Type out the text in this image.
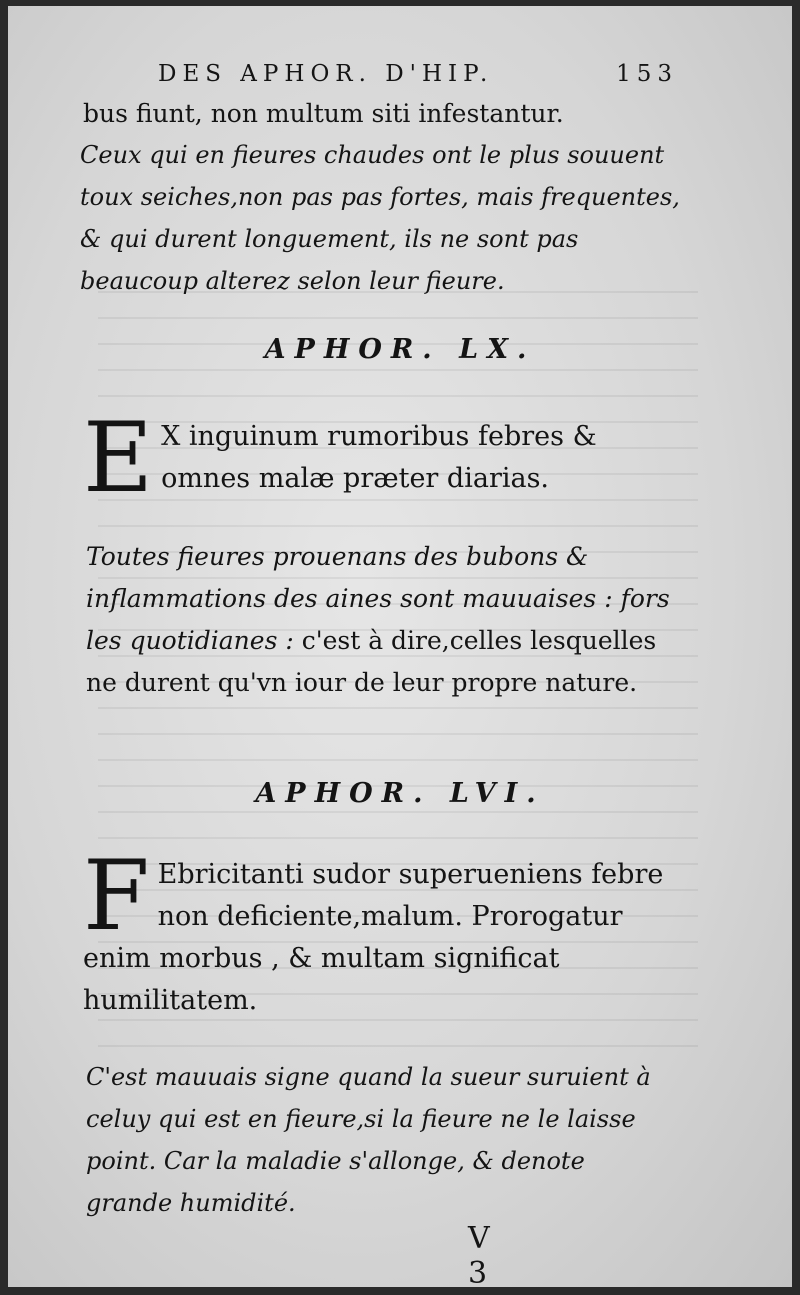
DES APHOR. D'HIP.	153
bus fiunt, non multum siti infestantur.
Ceux qui en fieures chaudes ont le plus souuent toux seiches,non pas pas fortes, mais frequentes, & qui durent longuement, ils ne sont pas beaucoup alterez selon leur fieure.
APHOR. LX.
E X inguinum rumoribus febres & omnes malæ præter diarias.
Toutes fieures prouenans des bubons & inflammations des aines sont mauuaises : fors les quotidianes : c'est à dire,celles lesquelles ne durent qu'vn iour de leur propre nature.
APHOR. LVI.
F Ebricitanti sudor superueniens febre non deficiente,malum. Prorogatur enim morbus , & multam significat humilitatem.
C'est mauuais signe quand la sueur suruient à celuy qui est en fieure,si la fieure ne le laisse point. Car la maladie s'allonge, & denote grande humidité.
V 3
